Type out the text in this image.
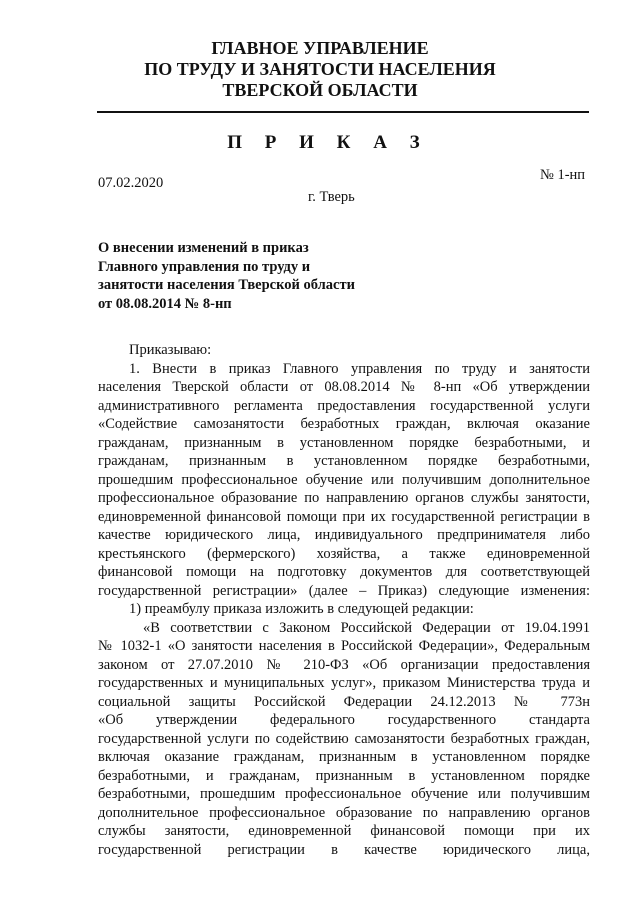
ГЛАВНОЕ УПРАВЛЕНИЕ
ПО ТРУДУ И ЗАНЯТОСТИ НАСЕЛЕНИЯ
ТВЕРСКОЙ ОБЛАСТИ
П Р И К А З
07.02.2020	№ 1-нп
г. Тверь
О внесении изменений в приказ
Главного управления по труду и
занятости населения Тверской области
от 08.08.2014 № 8-нп
Приказываю:
1. Внести в приказ Главного управления по труду и занятости
населения Тверской области от 08.08.2014 № 8-нп «Об утверждении
административного регламента предоставления государственной услуги
«Содействие самозанятости безработных граждан, включая оказание
гражданам, признанным в установленном порядке безработными, и
гражданам, признанным в установленном порядке безработными,
прошедшим профессиональное обучение или получившим дополнительное
профессиональное образование по направлению органов службы занятости,
единовременной финансовой помощи при их государственной регистрации в
качестве юридического лица, индивидуального предпринимателя либо
крестьянского (фермерского) хозяйства, а также единовременной
финансовой помощи на подготовку документов для соответствующей
государственной регистрации» (далее – Приказ) следующие изменения:
1) преамбулу приказа изложить в следующей редакции:
«В соответствии с Законом Российской Федерации от 19.04.1991
№ 1032-1 «О занятости населения в Российской Федерации», Федеральным
законом от 27.07.2010 № 210-ФЗ «Об организации предоставления
государственных и муниципальных услуг», приказом Министерства труда и
социальной защиты Российской Федерации 24.12.2013 № 773н
«Об утверждении федерального государственного стандарта
государственной услуги по содействию самозанятости безработных граждан,
включая оказание гражданам, признанным в установленном порядке
безработными, и гражданам, признанным в установленном порядке
безработными, прошедшим профессиональное обучение или получившим
дополнительное профессиональное образование по направлению органов
службы занятости, единовременной финансовой помощи при их
государственной регистрации в качестве юридического лица,
